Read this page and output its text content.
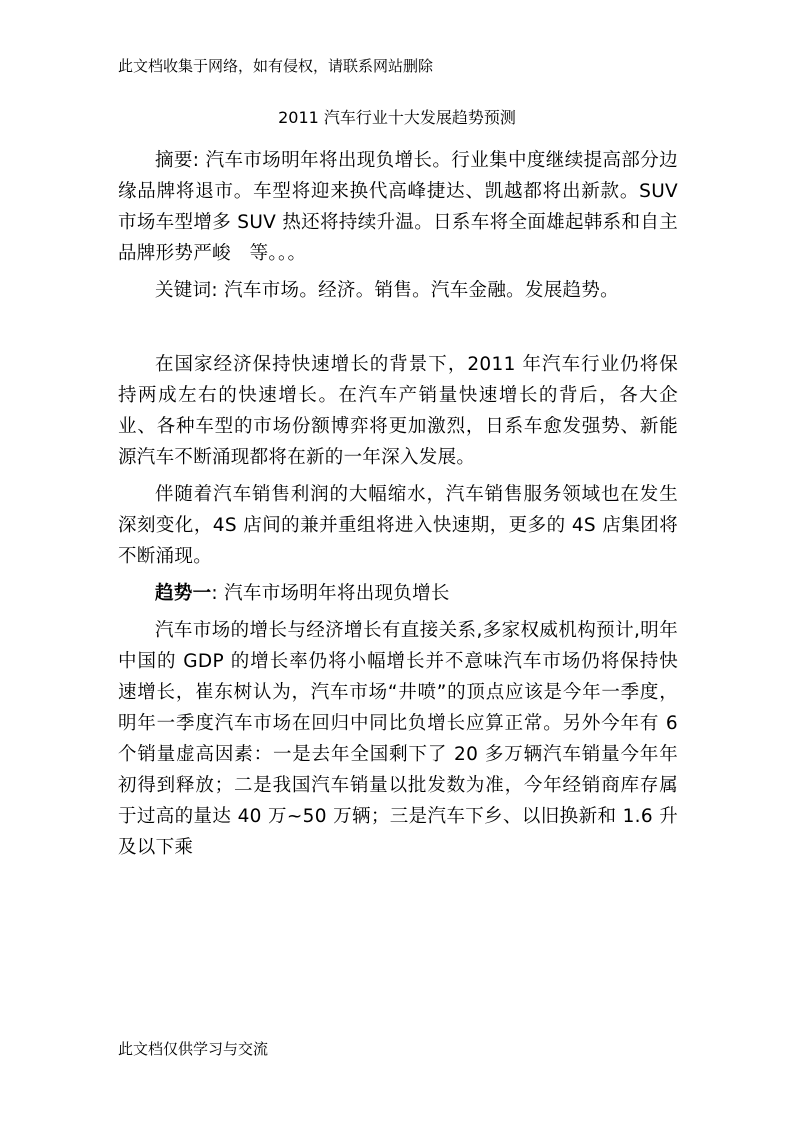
此文档收集于网络，如有侵权，请联系网站删除
2011 汽车行业十大发展趋势预测

摘要: 汽车市场明年将出现负增长。行业集中度继续提高部分边缘品牌将退市。车型将迎来换代高峰捷达、凯越都将出新款。SUV 市场车型增多 SUV 热还将持续升温。日系车将全面雄起韩系和自主品牌形势严峻　等。。。

关键词: 汽车市场。经济。销售。汽车金融。发展趋势。

在国家经济保持快速增长的背景下，2011 年汽车行业仍将保持两成左右的快速增长。在汽车产销量快速增长的背后，各大企业、各种车型的市场份额博弈将更加激烈，日系车愈发强势、新能源汽车不断涌现都将在新的一年深入发展。

伴随着汽车销售利润的大幅缩水，汽车销售服务领域也在发生深刻变化，4S 店间的兼并重组将进入快速期，更多的 4S 店集团将不断涌现。

趋势一: 汽车市场明年将出现负增长

汽车市场的增长与经济增长有直接关系,多家权威机构预计,明年中国的 GDP 的增长率仍将小幅增长并不意味汽车市场仍将保持快速增长，崔东树认为，汽车市场“井喷”的顶点应该是今年一季度，明年一季度汽车市场在回归中同比负增长应算正常。另外今年有 6 个销量虚高因素：一是去年全国剩下了 20 多万辆汽车销量今年年初得到释放；二是我国汽车销量以批发数为准，今年经销商库存属于过高的量达 40 万~50 万辆；三是汽车下乡、以旧换新和 1.6 升及以下乘

此文档仅供学习与交流
